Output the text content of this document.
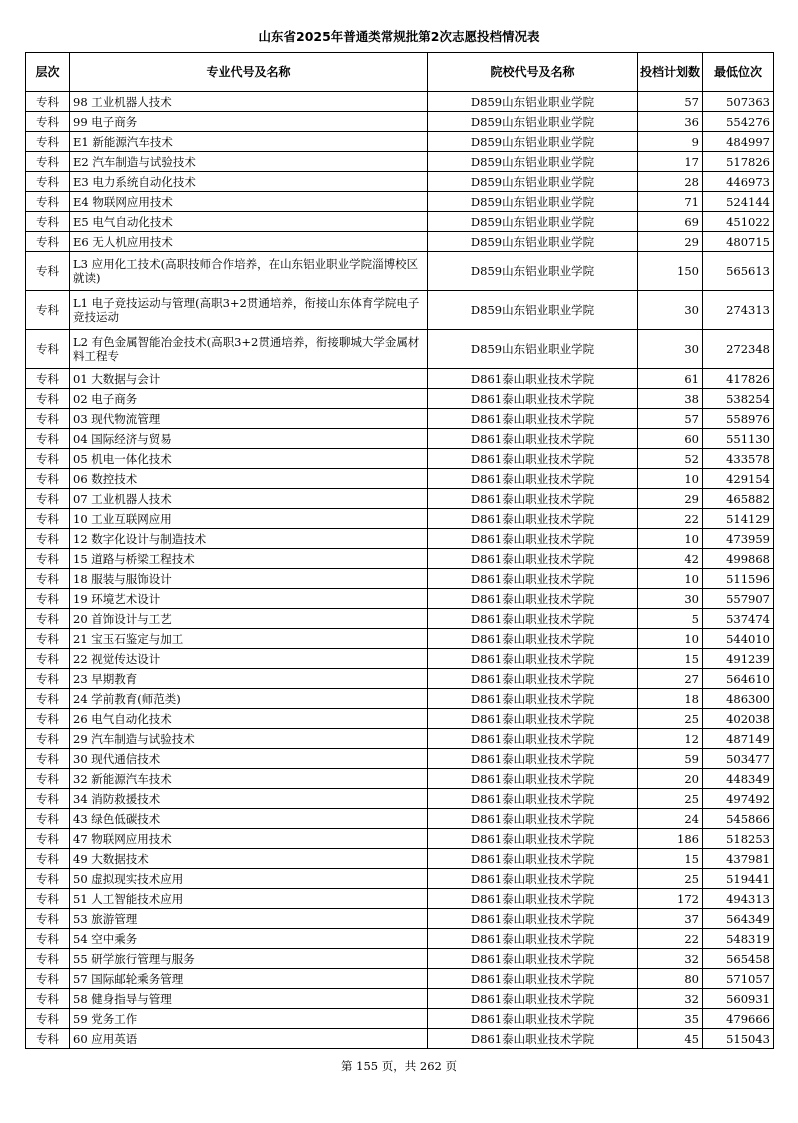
山东省2025年普通类常规批第2次志愿投档情况表
层次	专业代号及名称	院校代号及名称	投档计划数	最低位次
专科	98 工业机器人技术	D859山东铝业职业学院	57	507363
专科	99 电子商务	D859山东铝业职业学院	36	554276
专科	E1 新能源汽车技术	D859山东铝业职业学院	9	484997
专科	E2 汽车制造与试验技术	D859山东铝业职业学院	17	517826
专科	E3 电力系统自动化技术	D859山东铝业职业学院	28	446973
专科	E4 物联网应用技术	D859山东铝业职业学院	71	524144
专科	E5 电气自动化技术	D859山东铝业职业学院	69	451022
专科	E6 无人机应用技术	D859山东铝业职业学院	29	480715
专科	L3 应用化工技术(高职技师合作培养，在山东铝业职业学院淄博校区就读)	D859山东铝业职业学院	150	565613
专科	L1 电子竞技运动与管理(高职3+2贯通培养，衔接山东体育学院电子竞技运动	D859山东铝业职业学院	30	274313
专科	L2 有色金属智能冶金技术(高职3+2贯通培养，衔接聊城大学金属材料工程专	D859山东铝业职业学院	30	272348
专科	01 大数据与会计	D861泰山职业技术学院	61	417826
专科	02 电子商务	D861泰山职业技术学院	38	538254
专科	03 现代物流管理	D861泰山职业技术学院	57	558976
专科	04 国际经济与贸易	D861泰山职业技术学院	60	551130
专科	05 机电一体化技术	D861泰山职业技术学院	52	433578
专科	06 数控技术	D861泰山职业技术学院	10	429154
专科	07 工业机器人技术	D861泰山职业技术学院	29	465882
专科	10 工业互联网应用	D861泰山职业技术学院	22	514129
专科	12 数字化设计与制造技术	D861泰山职业技术学院	10	473959
专科	15 道路与桥梁工程技术	D861泰山职业技术学院	42	499868
专科	18 服装与服饰设计	D861泰山职业技术学院	10	511596
专科	19 环境艺术设计	D861泰山职业技术学院	30	557907
专科	20 首饰设计与工艺	D861泰山职业技术学院	5	537474
专科	21 宝玉石鉴定与加工	D861泰山职业技术学院	10	544010
专科	22 视觉传达设计	D861泰山职业技术学院	15	491239
专科	23 早期教育	D861泰山职业技术学院	27	564610
专科	24 学前教育(师范类)	D861泰山职业技术学院	18	486300
专科	26 电气自动化技术	D861泰山职业技术学院	25	402038
专科	29 汽车制造与试验技术	D861泰山职业技术学院	12	487149
专科	30 现代通信技术	D861泰山职业技术学院	59	503477
专科	32 新能源汽车技术	D861泰山职业技术学院	20	448349
专科	34 消防救援技术	D861泰山职业技术学院	25	497492
专科	43 绿色低碳技术	D861泰山职业技术学院	24	545866
专科	47 物联网应用技术	D861泰山职业技术学院	186	518253
专科	49 大数据技术	D861泰山职业技术学院	15	437981
专科	50 虚拟现实技术应用	D861泰山职业技术学院	25	519441
专科	51 人工智能技术应用	D861泰山职业技术学院	172	494313
专科	53 旅游管理	D861泰山职业技术学院	37	564349
专科	54 空中乘务	D861泰山职业技术学院	22	548319
专科	55 研学旅行管理与服务	D861泰山职业技术学院	32	565458
专科	57 国际邮轮乘务管理	D861泰山职业技术学院	80	571057
专科	58 健身指导与管理	D861泰山职业技术学院	32	560931
专科	59 党务工作	D861泰山职业技术学院	35	479666
专科	60 应用英语	D861泰山职业技术学院	45	515043
第 155 页，共 262 页
